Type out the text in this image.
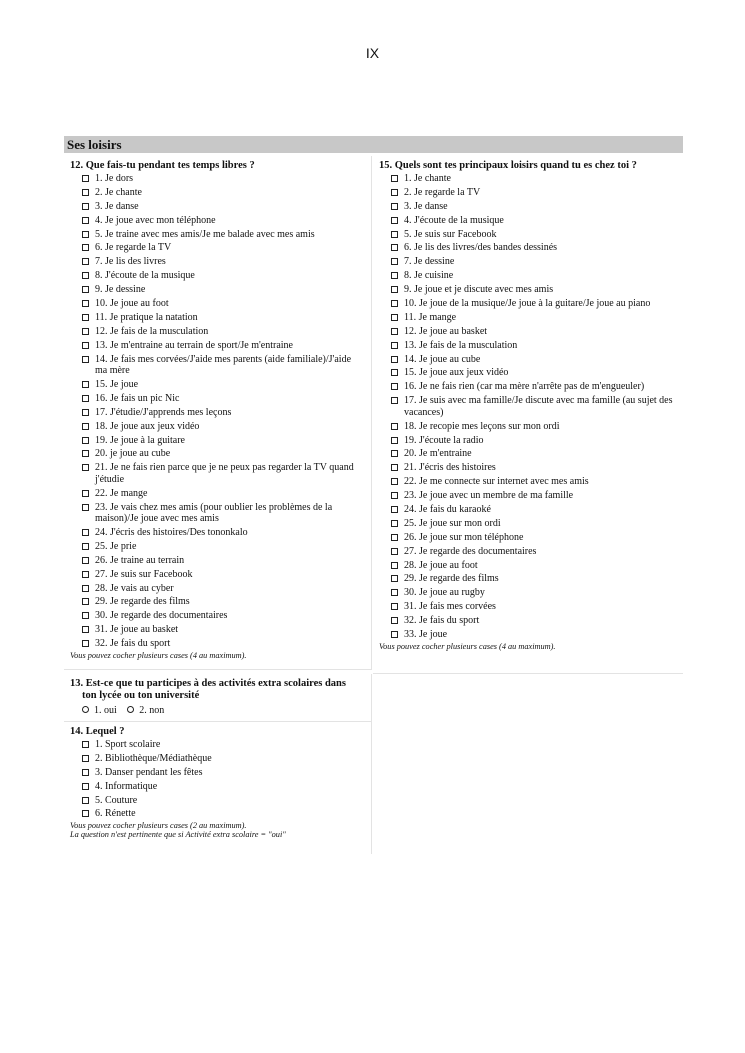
IX
Ses loisirs
12. Que fais-tu pendant tes temps libres ?
1. Je dors
2. Je chante
3. Je danse
4. Je joue avec mon téléphone
5. Je traine avec mes amis/Je me balade avec mes amis
6. Je regarde la TV
7. Je lis des livres
8. J'écoute de la musique
9. Je dessine
10. Je joue au foot
11. Je pratique la natation
12. Je fais de la musculation
13. Je m'entraine au terrain de sport/Je m'entraine
14. Je fais mes corvées/J'aide mes parents (aide familiale)/J'aide ma mère
15. Je joue
16. Je fais un pic Nic
17. J'étudie/J'apprends mes leçons
18. Je joue aux jeux vidéo
19. Je joue à la guitare
20. je joue au cube
21. Je ne fais rien parce que je ne peux pas regarder la TV quand j'étudie
22. Je mange
23. Je vais chez mes amis (pour oublier les problèmes de la maison)/Je joue avec mes amis
24. J'écris des histoires/Des tononkalo
25. Je prie
26. Je traine au terrain
27. Je suis sur Facebook
28. Je vais au cyber
29. Je regarde des films
30. Je regarde des documentaires
31. Je joue au basket
32. Je fais du sport
Vous pouvez cocher plusieurs cases (4 au maximum).
15. Quels sont tes principaux loisirs quand tu es chez toi ?
1. Je chante
2. Je regarde la TV
3. Je danse
4. J'écoute de la musique
5. Je suis sur Facebook
6. Je lis des livres/des bandes dessinés
7. Je dessine
8. Je cuisine
9. Je joue et je discute avec mes amis
10. Je joue de la musique/Je joue à la guitare/Je joue au piano
11. Je mange
12. Je joue au basket
13. Je fais de la musculation
14. Je joue au cube
15. Je joue aux jeux vidéo
16. Je ne fais rien (car ma mère n'arrête pas de m'engueuler)
17. Je suis avec ma famille/Je discute avec ma famille (au sujet des vacances)
18. Je recopie mes leçons sur mon ordi
19. J'écoute la radio
20. Je m'entraine
21. J'écris des histoires
22. Je me connecte sur internet avec mes amis
23. Je joue avec un membre de ma famille
24. Je fais du karaoké
25. Je joue sur mon ordi
26. Je joue sur mon téléphone
27. Je regarde des documentaires
28. Je joue au foot
29. Je regarde des films
30. Je joue au rugby
31. Je fais mes corvées
32. Je fais du sport
33. Je joue
Vous pouvez cocher plusieurs cases (4 au maximum).
13. Est-ce que tu participes à des activités extra scolaires dans
ton lycée ou ton université
1. oui 2. non
14. Lequel ?
1. Sport scolaire
2. Bibliothèque/Médiathèque
3. Danser pendant les fêtes
4. Informatique
5. Couture
6. Rénette
Vous pouvez cocher plusieurs cases (2 au maximum).
La question n'est pertinente que si Activité extra scolaire = "oui"
